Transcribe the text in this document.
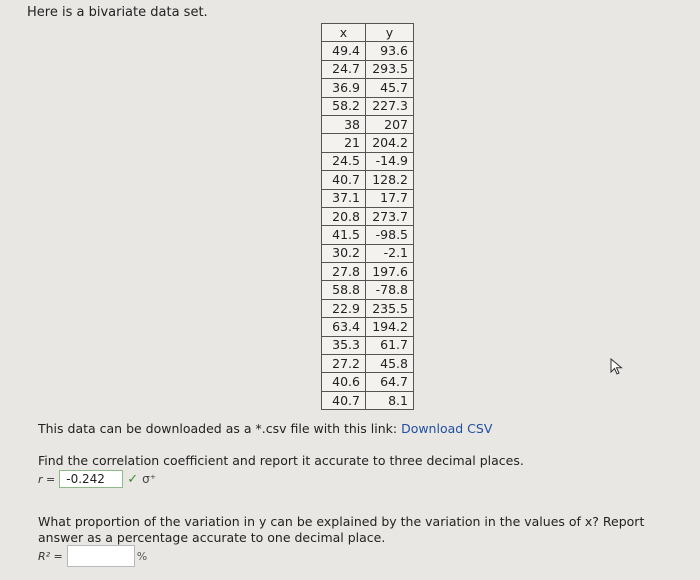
Here is a bivariate data set.
x	y
49.4	93.6
24.7	293.5
36.9	45.7
58.2	227.3
38	207
21	204.2
24.5	-14.9
40.7	128.2
37.1	17.7
20.8	273.7
41.5	-98.5
30.2	-2.1
27.8	197.6
58.8	-78.8
22.9	235.5
63.4	194.2
35.3	61.7
27.2	45.8
40.6	64.7
40.7	8.1
This data can be downloaded as a *.csv file with this link: Download CSV
Find the correlation coefficient and report it accurate to three decimal places.
r = -0.242	✓ σ⁺
What proportion of the variation in y can be explained by the variation in the values of x? Report answer as a percentage accurate to one decimal place.
R² =	%
